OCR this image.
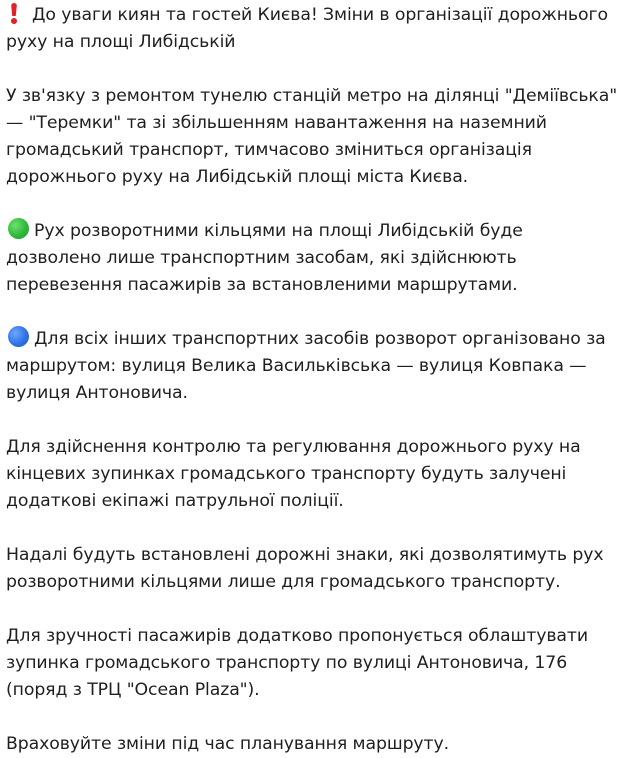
До уваги киян та гостей Києва! Зміни в організації дорожнього руху на площі Либідській

У зв'язку з ремонтом тунелю станцій метро на ділянці "Деміївська" — "Теремки" та зі збільшенням навантаження на наземний громадський транспорт, тимчасово зміниться організація дорожнього руху на Либідській площі міста Києва.

Рух розворотними кільцями на площі Либідській буде дозволено лише транспортним засобам, які здійснюють перевезення пасажирів за встановленими маршрутами.

Для всіх інших транспортних засобів розворот організовано за маршрутом: вулиця Велика Васильківська — вулиця Ковпака — вулиця Антоновича.

Для здійснення контролю та регулювання дорожнього руху на кінцевих зупинках громадського транспорту будуть залучені додаткові екіпажі патрульної поліції.

Надалі будуть встановлені дорожні знаки, які дозволятимуть рух розворотними кільцями лише для громадського транспорту.

Для зручності пасажирів додатково пропонується облаштувати зупинка громадського транспорту по вулиці Антоновича, 176 (поряд з ТРЦ "Ocean Plaza").

Враховуйте зміни під час планування маршруту.
